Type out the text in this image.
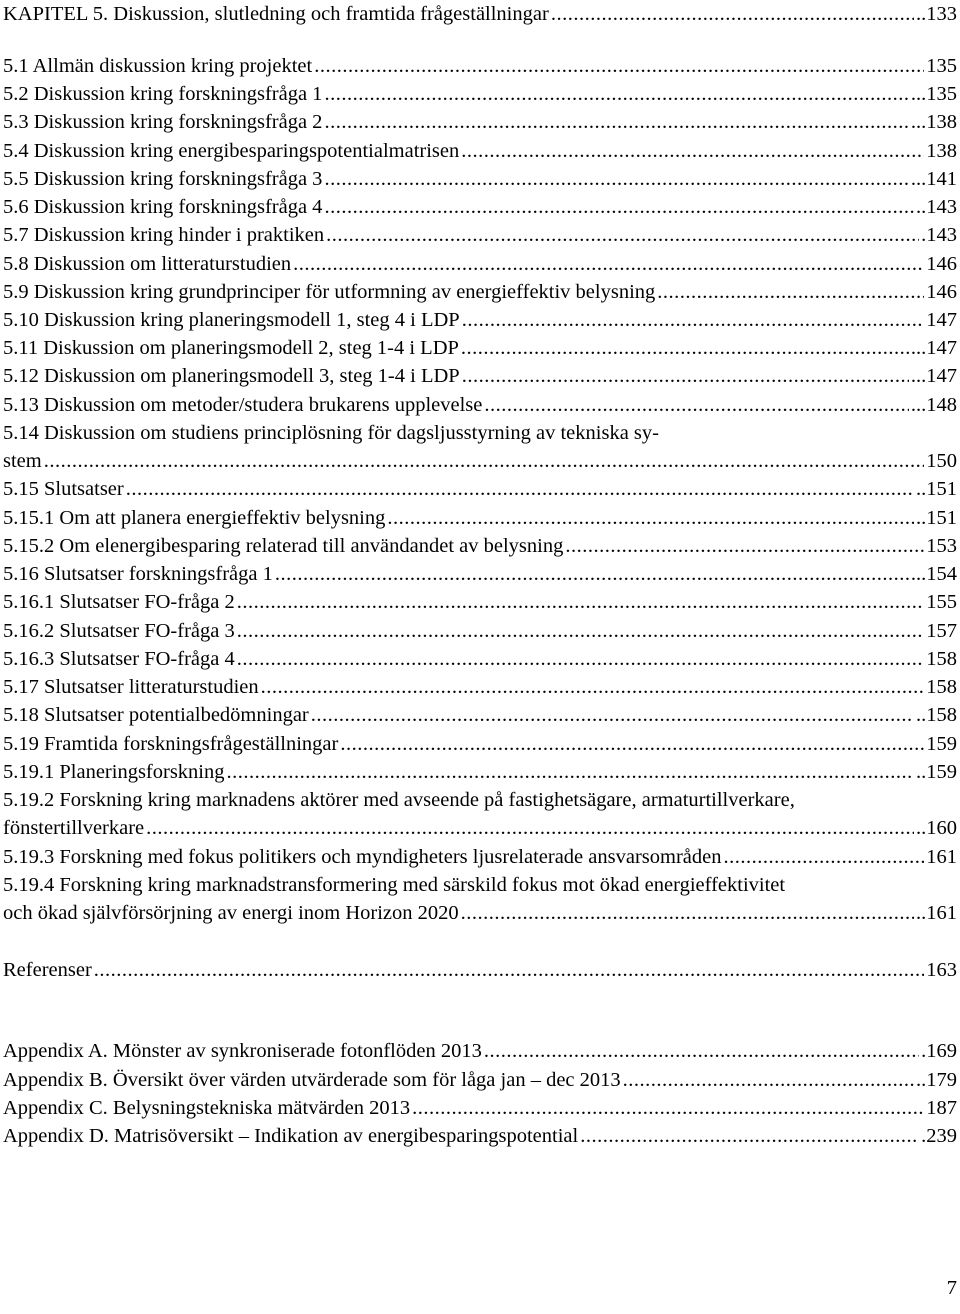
KAPITEL 5. Diskussion, slutledning och framtida frågeställningar .....	..133
5.1 Allmän diskussion kring projektet .....	135
5.2 Diskussion kring forskningsfråga 1 .....	...135
5.3 Diskussion kring forskningsfråga 2 .....	...138
5.4 Diskussion kring energibesparingspotentialmatrisen .....	138
5.5 Diskussion kring forskningsfråga 3 .....	...141
5.6 Diskussion kring forskningsfråga 4 .....	..143
5.7 Diskussion kring hinder i praktiken .....	.143
5.8 Diskussion om litteraturstudien .....	146
5.9 Diskussion kring grundprinciper för utformning av energieffektiv belysning .....	146
5.10 Diskussion kring planeringsmodell 1, steg 4 i LDP .....	147
5.11 Diskussion om planeringsmodell 2, steg 1-4 i LDP .....	...147
5.12 Diskussion om planeringsmodell 3, steg 1-4 i LDP .....	...147
5.13 Diskussion om metoder/studera brukarens upplevelse .....	...148
5.14 Diskussion om studiens principlösning för dagsljusstyrning av tekniska sy-
stem .....	150
5.15 Slutsatser .....	..151
5.15.1 Om att planera energieffektiv belysning .....	..151
5.15.2 Om elenergibesparing relaterad till användandet av belysning .....	153
5.16 Slutsatser forskningsfråga 1 .....	...154
5.16.1 Slutsatser FO-fråga 2 .....	155
5.16.2 Slutsatser FO-fråga 3 .....	157
5.16.3 Slutsatser FO-fråga 4 .....	158
5.17 Slutsatser litteraturstudien .....	158
5.18 Slutsatser potentialbedömningar .....	..158
5.19 Framtida forskningsfrågeställningar .....	159
5.19.1 Planeringsforskning .....	..159
5.19.2 Forskning kring marknadens aktörer med avseende på fastighetsägare, armaturtillverkare,
fönstertillverkare .....	..160
5.19.3 Forskning med fokus politikers och myndigheters ljusrelaterade ansvarsområden .....	161
5.19.4 Forskning kring marknadstransformering med särskild fokus mot ökad energieffektivitet
och ökad självförsörjning av energi inom Horizon 2020 .....	..161
Referenser .....	163
Appendix A. Mönster av synkroniserade fotonflöden 2013 .....	.169
Appendix B. Översikt över värden utvärderade som för låga jan – dec 2013 .....	..179
Appendix C. Belysningstekniska mätvärden 2013 .....	187
Appendix D. Matrisöversikt – Indikation av energibesparingspotential .....	.239
7
